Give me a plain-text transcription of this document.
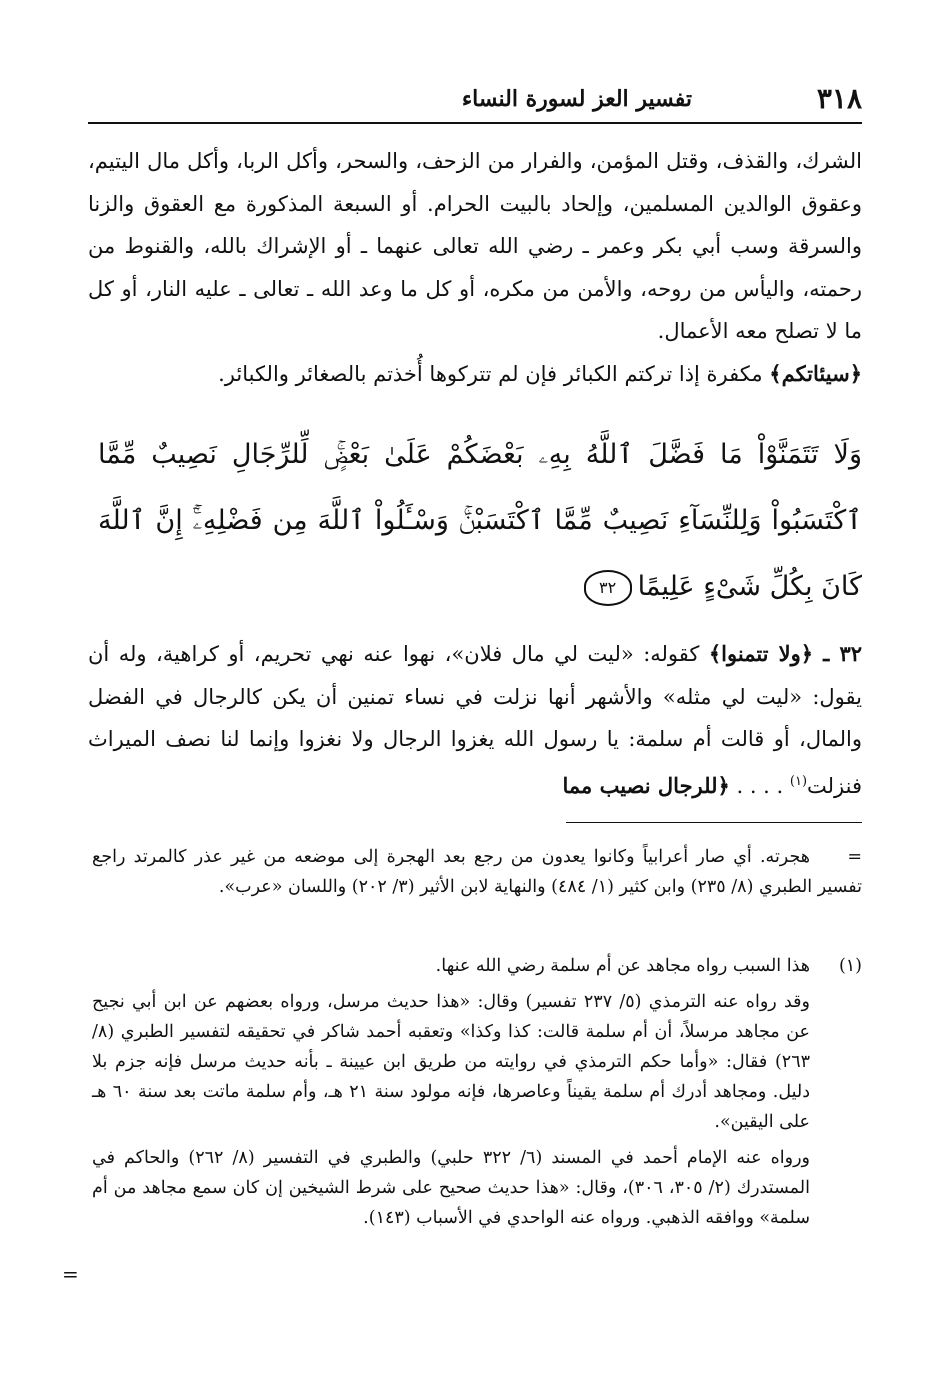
٣١٨
تفسير العز لسورة النساء
الشرك، والقذف، وقتل المؤمن، والفرار من الزحف، والسحر، وأكل الربا، وأكل مال اليتيم، وعقوق الوالدين المسلمين، وإلحاد بالبيت الحرام. أو السبعة المذكورة مع العقوق والزنا والسرقة وسب أبي بكر وعمر ـ رضي الله تعالى عنهما ـ أو الإشراك بالله، والقنوط من رحمته، واليأس من روحه، والأمن من مكره، أو كل ما وعد الله ـ تعالى ـ عليه النار، أو كل ما لا تصلح معه الأعمال.
﴿سيئاتكم﴾ مكفرة إذا تركتم الكبائر فإن لم تتركوها أُخذتم بالصغائر والكبائر.
وَلَا تَتَمَنَّوْاْ مَا فَضَّلَ ٱللَّهُ بِهِۦ بَعْضَكُمْ عَلَىٰ بَعْضٍۚ لِّلرِّجَالِ نَصِيبٌ مِّمَّا ٱكْتَسَبُواْ وَلِلنِّسَآءِ نَصِيبٌ مِّمَّا ٱكْتَسَبْنَۚ وَسْـَٔلُواْ ٱللَّهَ مِن فَضْلِهِۦٓۚ إِنَّ ٱللَّهَ كَانَ بِكُلِّ شَىْءٍ عَلِيمًا٣٢
٣٢ ـ ﴿ولا تتمنوا﴾ كقوله: «ليت لي مال فلان»، نهوا عنه نهي تحريم، أو كراهية، وله أن يقول: «ليت لي مثله» والأشهر أنها نزلت في نساء تمنين أن يكن كالرجال في الفضل والمال، أو قالت أم سلمة: يا رسول الله يغزوا الرجال ولا نغزوا وإنما لنا نصف الميراث فنزلت$^{(١)}$ . . . . ﴿للرجال نصيب مما
=هجرته. أي صار أعرابياً وكانوا يعدون من رجع بعد الهجرة إلى موضعه من غير عذر كالمرتد راجع تفسير الطبري (٨/ ٢٣٥) وابن كثير (١/ ٤٨٤) والنهاية لابن الأثير (٣/ ٢٠٢) واللسان «عرب».
(١)هذا السبب رواه مجاهد عن أم سلمة رضي الله عنها.
وقد رواه عنه الترمذي (٥/ ٢٣٧ تفسير) وقال: «هذا حديث مرسل، ورواه بعضهم عن ابن أبي نجيح عن مجاهد مرسلاً، أن أم سلمة قالت: كذا وكذا» وتعقبه أحمد شاكر في تحقيقه لتفسير الطبري (٨/ ٢٦٣) فقال: «وأما حكم الترمذي في روايته من طريق ابن عيينة ـ بأنه حديث مرسل فإنه جزم بلا دليل. ومجاهد أدرك أم سلمة يقيناً وعاصرها، فإنه مولود سنة ٢١ هـ، وأم سلمة ماتت بعد سنة ٦٠ هـ على اليقين».
ورواه عنه الإمام أحمد في المسند (٦/ ٣٢٢ حلبي) والطبري في التفسير (٨/ ٢٦٢) والحاكم في المستدرك (٢/ ٣٠٥، ٣٠٦)، وقال: «هذا حديث صحيح على شرط الشيخين إن كان سمع مجاهد من أم سلمة» ووافقه الذهبي. ورواه عنه الواحدي في الأسباب (١٤٣).
=
